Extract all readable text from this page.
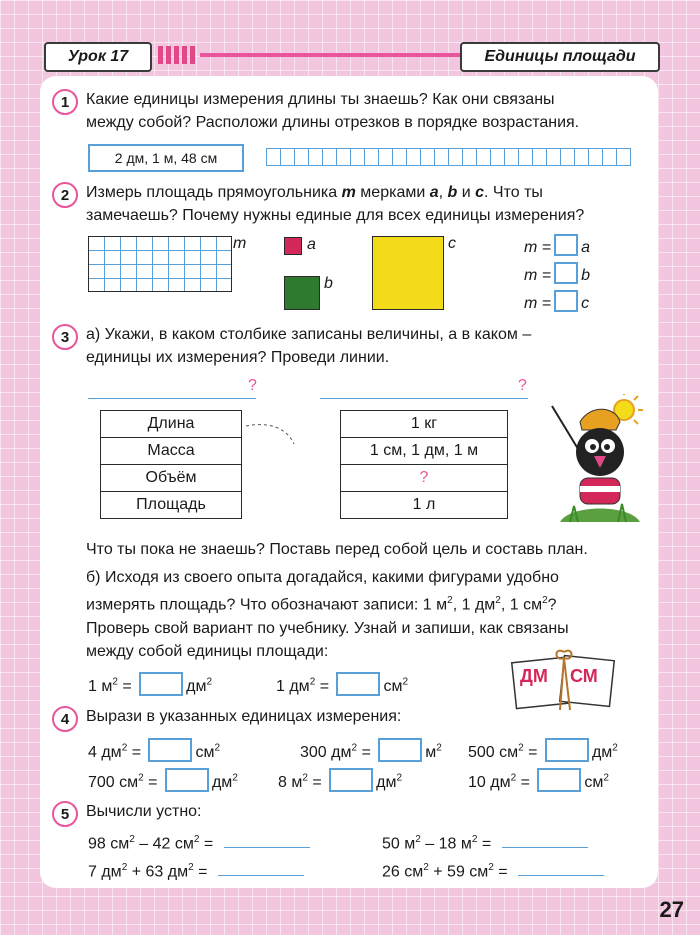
Урок 17	Единицы площади
1	Какие единицы измерения длины ты знаешь? Как они связаны
между собой? Расположи длины отрезков в порядке возрастания.
2 дм, 1 м, 48 см
2	Измерь площадь прямоугольника m мерками a, b и c. Что ты
замечаешь? Почему нужны единые для всех единицы измерения?
m	a
b
c	m = a
m = b
m = c
3	а) Укажи, в каком столбике записаны величины, а в каком –
единицы их измерения? Проведи линии.
?	?
Длина
Масса
Объём
Площадь
1 кг
1 см, 1 дм, 1 м
?
1 л
Что ты пока не знаешь? Поставь перед собой цель и составь план.
б) Исходя из своего опыта догадайся, какими фигурами удобно
измерять площадь? Что обозначают записи: 1 $м^2$, 1 $дм^2$, 1 $см^2$?
Проверь свой вариант по учебнику. Узнай и запиши, как связаны
между собой единицы площади:
1 $м^2$ =	$дм^2$	1 $дм^2$ =	$см^2$	ДМ СМ
4	Вырази в указанных единицах измерения:
4 $дм^2$ =	$см^2$	300 $дм^2$ =	$м^2$ 500 $см^2$ =	$дм^2$
700 $см^2$ =	$дм^2$	8 $м^2$ =	$дм^2$	10 $дм^2$ =	$см^2$
5	Вычисли устно:
98 $см^2 - 42$ $см^2$ =	50 $м^2 - 18$ $м^2$ =
7 $дм^2 + 63$ $дм^2$ =	26 $см^2 + 59$ $см^2$ =
27
